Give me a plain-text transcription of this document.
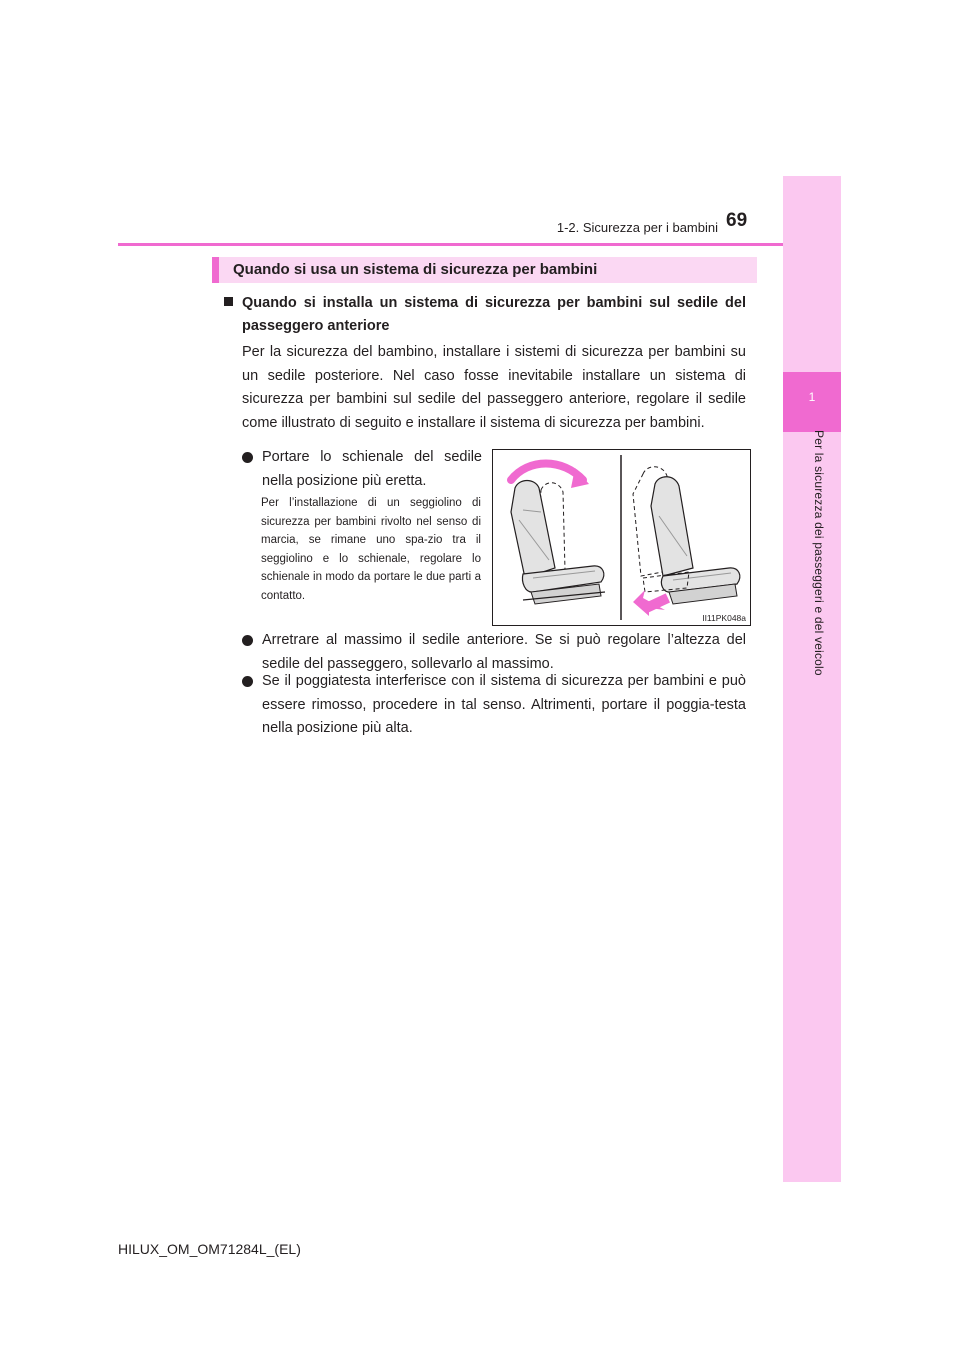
1
Per la sicurezza dei passeggeri e del veicolo
1-2. Sicurezza per i bambini 69
Quando si usa un sistema di sicurezza per bambini
Quando si installa un sistema di sicurezza per bambini sul sedile del passeggero anteriore
Per la sicurezza del bambino, installare i sistemi di sicurezza per bambini su un sedile posteriore. Nel caso fosse inevitabile installare un sistema di sicurezza per bambini sul sedile del passeggero anteriore, regolare il sedile come illustrato di seguito e installare il sistema di sicurezza per bambini.
Portare lo schienale del sedile nella posizione più eretta.
Per l’installazione di un seggiolino di sicurezza per bambini rivolto nel senso di marcia, se rimane uno spa-zio tra il seggiolino e lo schienale, regolare lo schienale in modo da portare le due parti a contatto.
II11PK048a
Arretrare al massimo il sedile anteriore. Se si può regolare l’altezza del sedile del passeggero, sollevarlo al massimo.
Se il poggiatesta interferisce con il sistema di sicurezza per bambini e può essere rimosso, procedere in tal senso. Altrimenti, portare il poggia-testa nella posizione più alta.
HILUX_OM_OM71284L_(EL)
